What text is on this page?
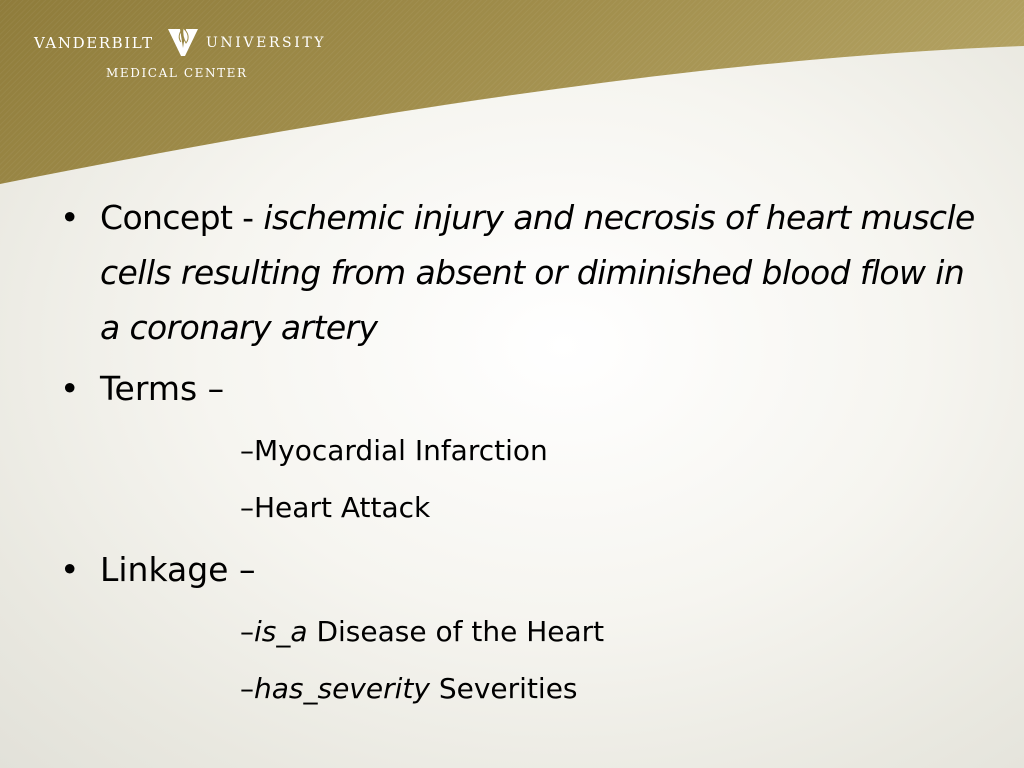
VANDERBILT	UNIVERSITY
MEDICAL CENTER
• Concept - ischemic injury and necrosis of heart muscle cells resulting from absent or diminished blood flow in a coronary artery
• Terms –
–Myocardial Infarction
–Heart Attack
• Linkage –
–is_a Disease of the Heart
–has_severity Severities
